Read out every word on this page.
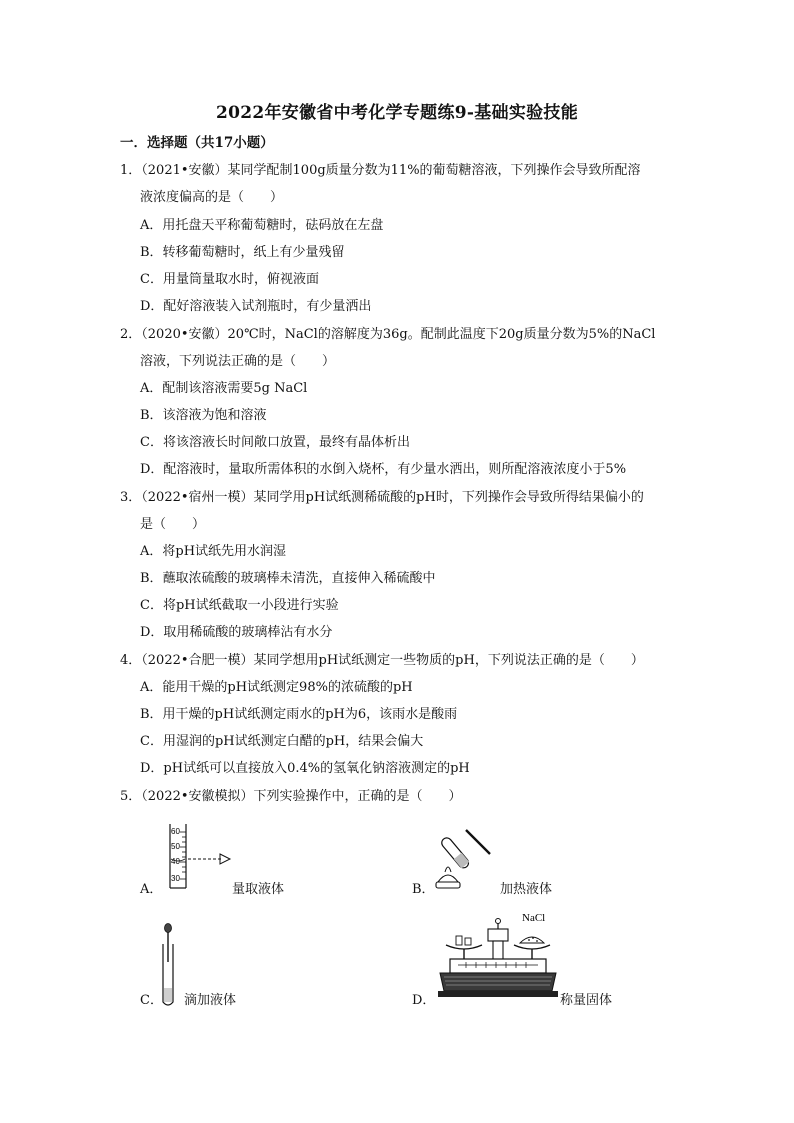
2022年安徽省中考化学专题练9-基础实验技能
一．选择题（共17小题）
1．（2021•安徽）某同学配制100g质量分数为11%的葡萄糖溶液，下列操作会导致所配溶
液浓度偏高的是（　　）
A．用托盘天平称葡萄糖时，砝码放在左盘
B．转移葡萄糖时，纸上有少量残留
C．用量筒量取水时，俯视液面
D．配好溶液装入试剂瓶时，有少量洒出
2．（2020•安徽）20℃时，NaCl的溶解度为36g。配制此温度下20g质量分数为5%的NaCl
溶液，下列说法正确的是（　　）
A．配制该溶液需要5g NaCl
B．该溶液为饱和溶液
C．将该溶液长时间敞口放置，最终有晶体析出
D．配溶液时，量取所需体积的水倒入烧杯，有少量水洒出，则所配溶液浓度小于5%
3．（2022•宿州一模）某同学用pH试纸测稀硫酸的pH时，下列操作会导致所得结果偏小的
是（　　）
A．将pH试纸先用水润湿
B．蘸取浓硫酸的玻璃棒未清洗，直接伸入稀硫酸中
C．将pH试纸截取一小段进行实验
D．取用稀硫酸的玻璃棒沾有水分
4．（2022•合肥一模）某同学想用pH试纸测定一些物质的pH，下列说法正确的是（　　）
A．能用干燥的pH试纸测定98%的浓硫酸的pH
B．用干燥的pH试纸测定雨水的pH为6，该雨水是酸雨
C．用湿润的pH试纸测定白醋的pH，结果会偏大
D．pH试纸可以直接放入0.4%的氢氧化钠溶液测定的pH
5．（2022•安徽模拟）下列实验操作中，正确的是（　　）
A．
60
50
40
30
量取液体	B．	加热液体
C． 滴加液体	D．
NaCl
称量固体
